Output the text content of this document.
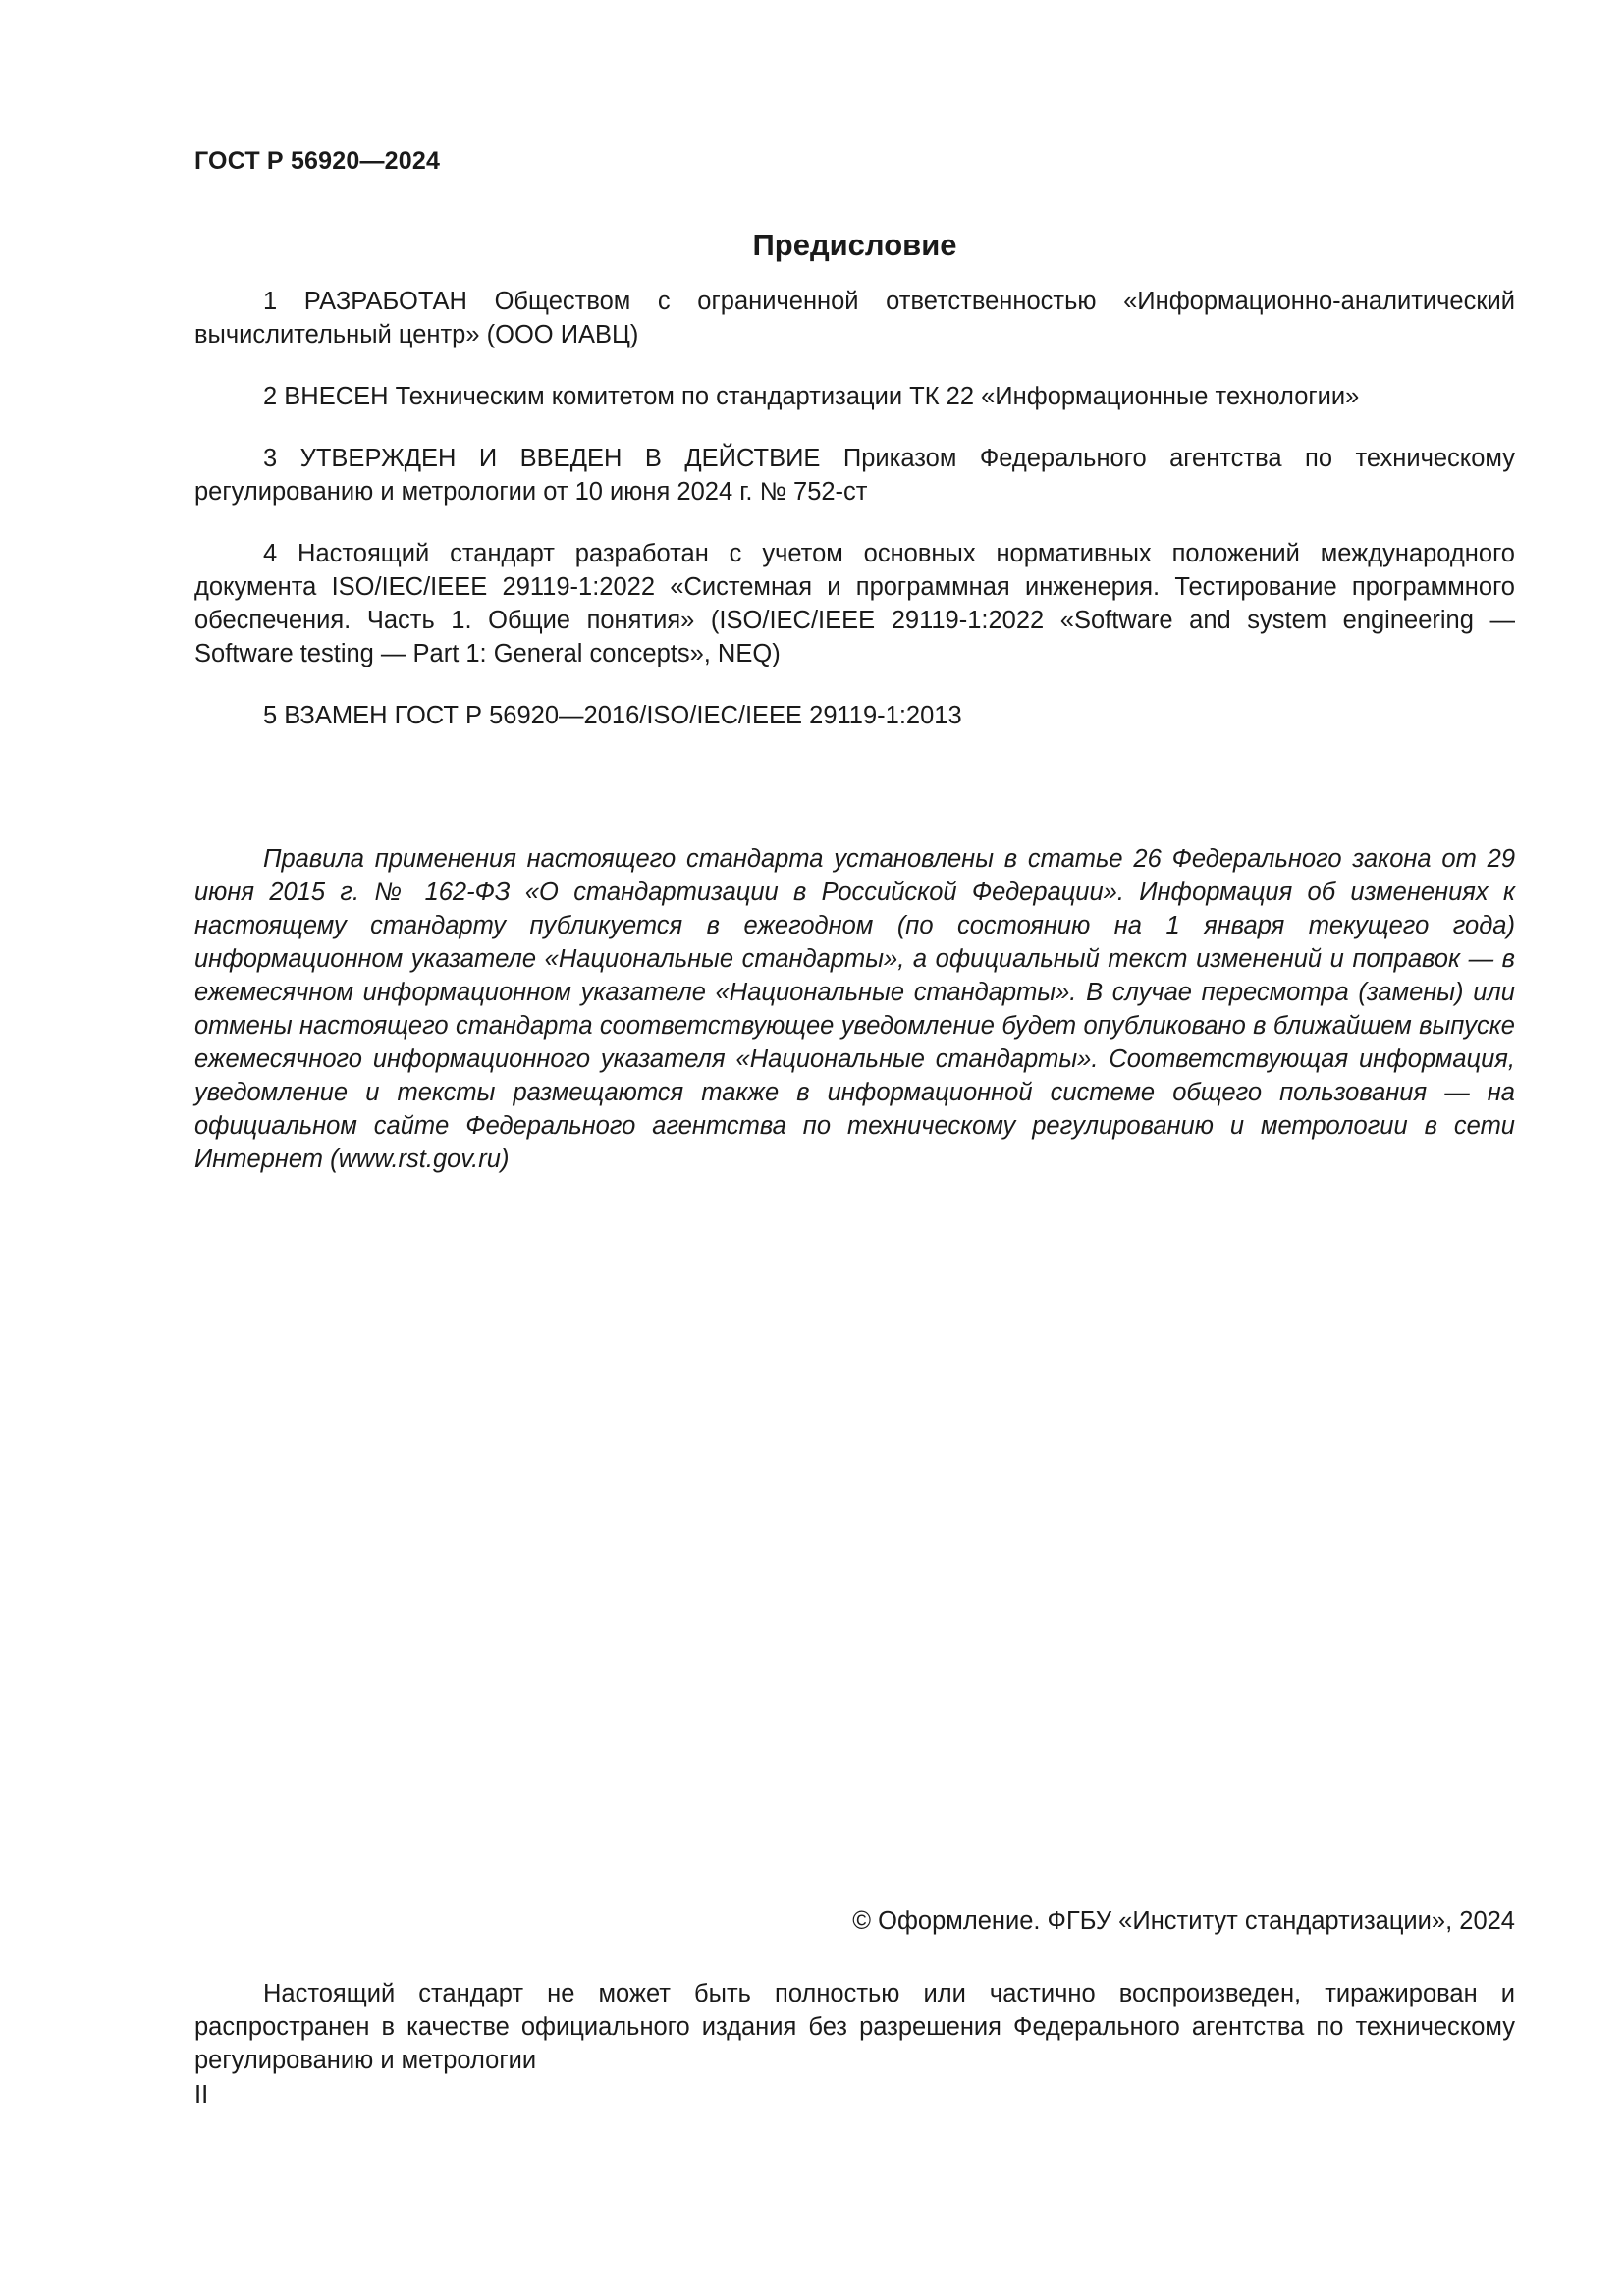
ГОСТ Р 56920—2024
Предисловие

1 РАЗРАБОТАН Обществом с ограниченной ответственностью «Информационно-аналитический вычислительный центр» (ООО ИАВЦ)

2 ВНЕСЕН Техническим комитетом по стандартизации ТК 22 «Информационные технологии»

3 УТВЕРЖДЕН И ВВЕДЕН В ДЕЙСТВИЕ Приказом Федерального агентства по техническому регулированию и метрологии от 10 июня 2024 г. № 752-ст

4 Настоящий стандарт разработан с учетом основных нормативных положений международного документа ISO/IEC/IEEE 29119-1:2022 «Системная и программная инженерия. Тестирование программного обеспечения. Часть 1. Общие понятия» (ISO/IEC/IEEE 29119-1:2022 «Software and system engineering — Software testing — Part 1: General concepts», NEQ)

5 ВЗАМЕН ГОСТ Р 56920—2016/ISO/IEC/IEEE 29119-1:2013

Правила применения настоящего стандарта установлены в статье 26 Федерального закона от 29 июня 2015 г. № 162-ФЗ «О стандартизации в Российской Федерации». Информация об изменениях к настоящему стандарту публикуется в ежегодном (по состоянию на 1 января текущего года) информационном указателе «Национальные стандарты», а официальный текст изменений и поправок — в ежемесячном информационном указателе «Национальные стандарты». В случае пересмотра (замены) или отмены настоящего стандарта соответствующее уведомление будет опубликовано в ближайшем выпуске ежемесячного информационного указателя «Национальные стандарты». Соответствующая информация, уведомление и тексты размещаются также в информационной системе общего пользования — на официальном сайте Федерального агентства по техническому регулированию и метрологии в сети Интернет (www.rst.gov.ru)

© Оформление. ФГБУ «Институт стандартизации», 2024

Настоящий стандарт не может быть полностью или частично воспроизведен, тиражирован и распространен в качестве официального издания без разрешения Федерального агентства по техническому регулированию и метрологии

II
